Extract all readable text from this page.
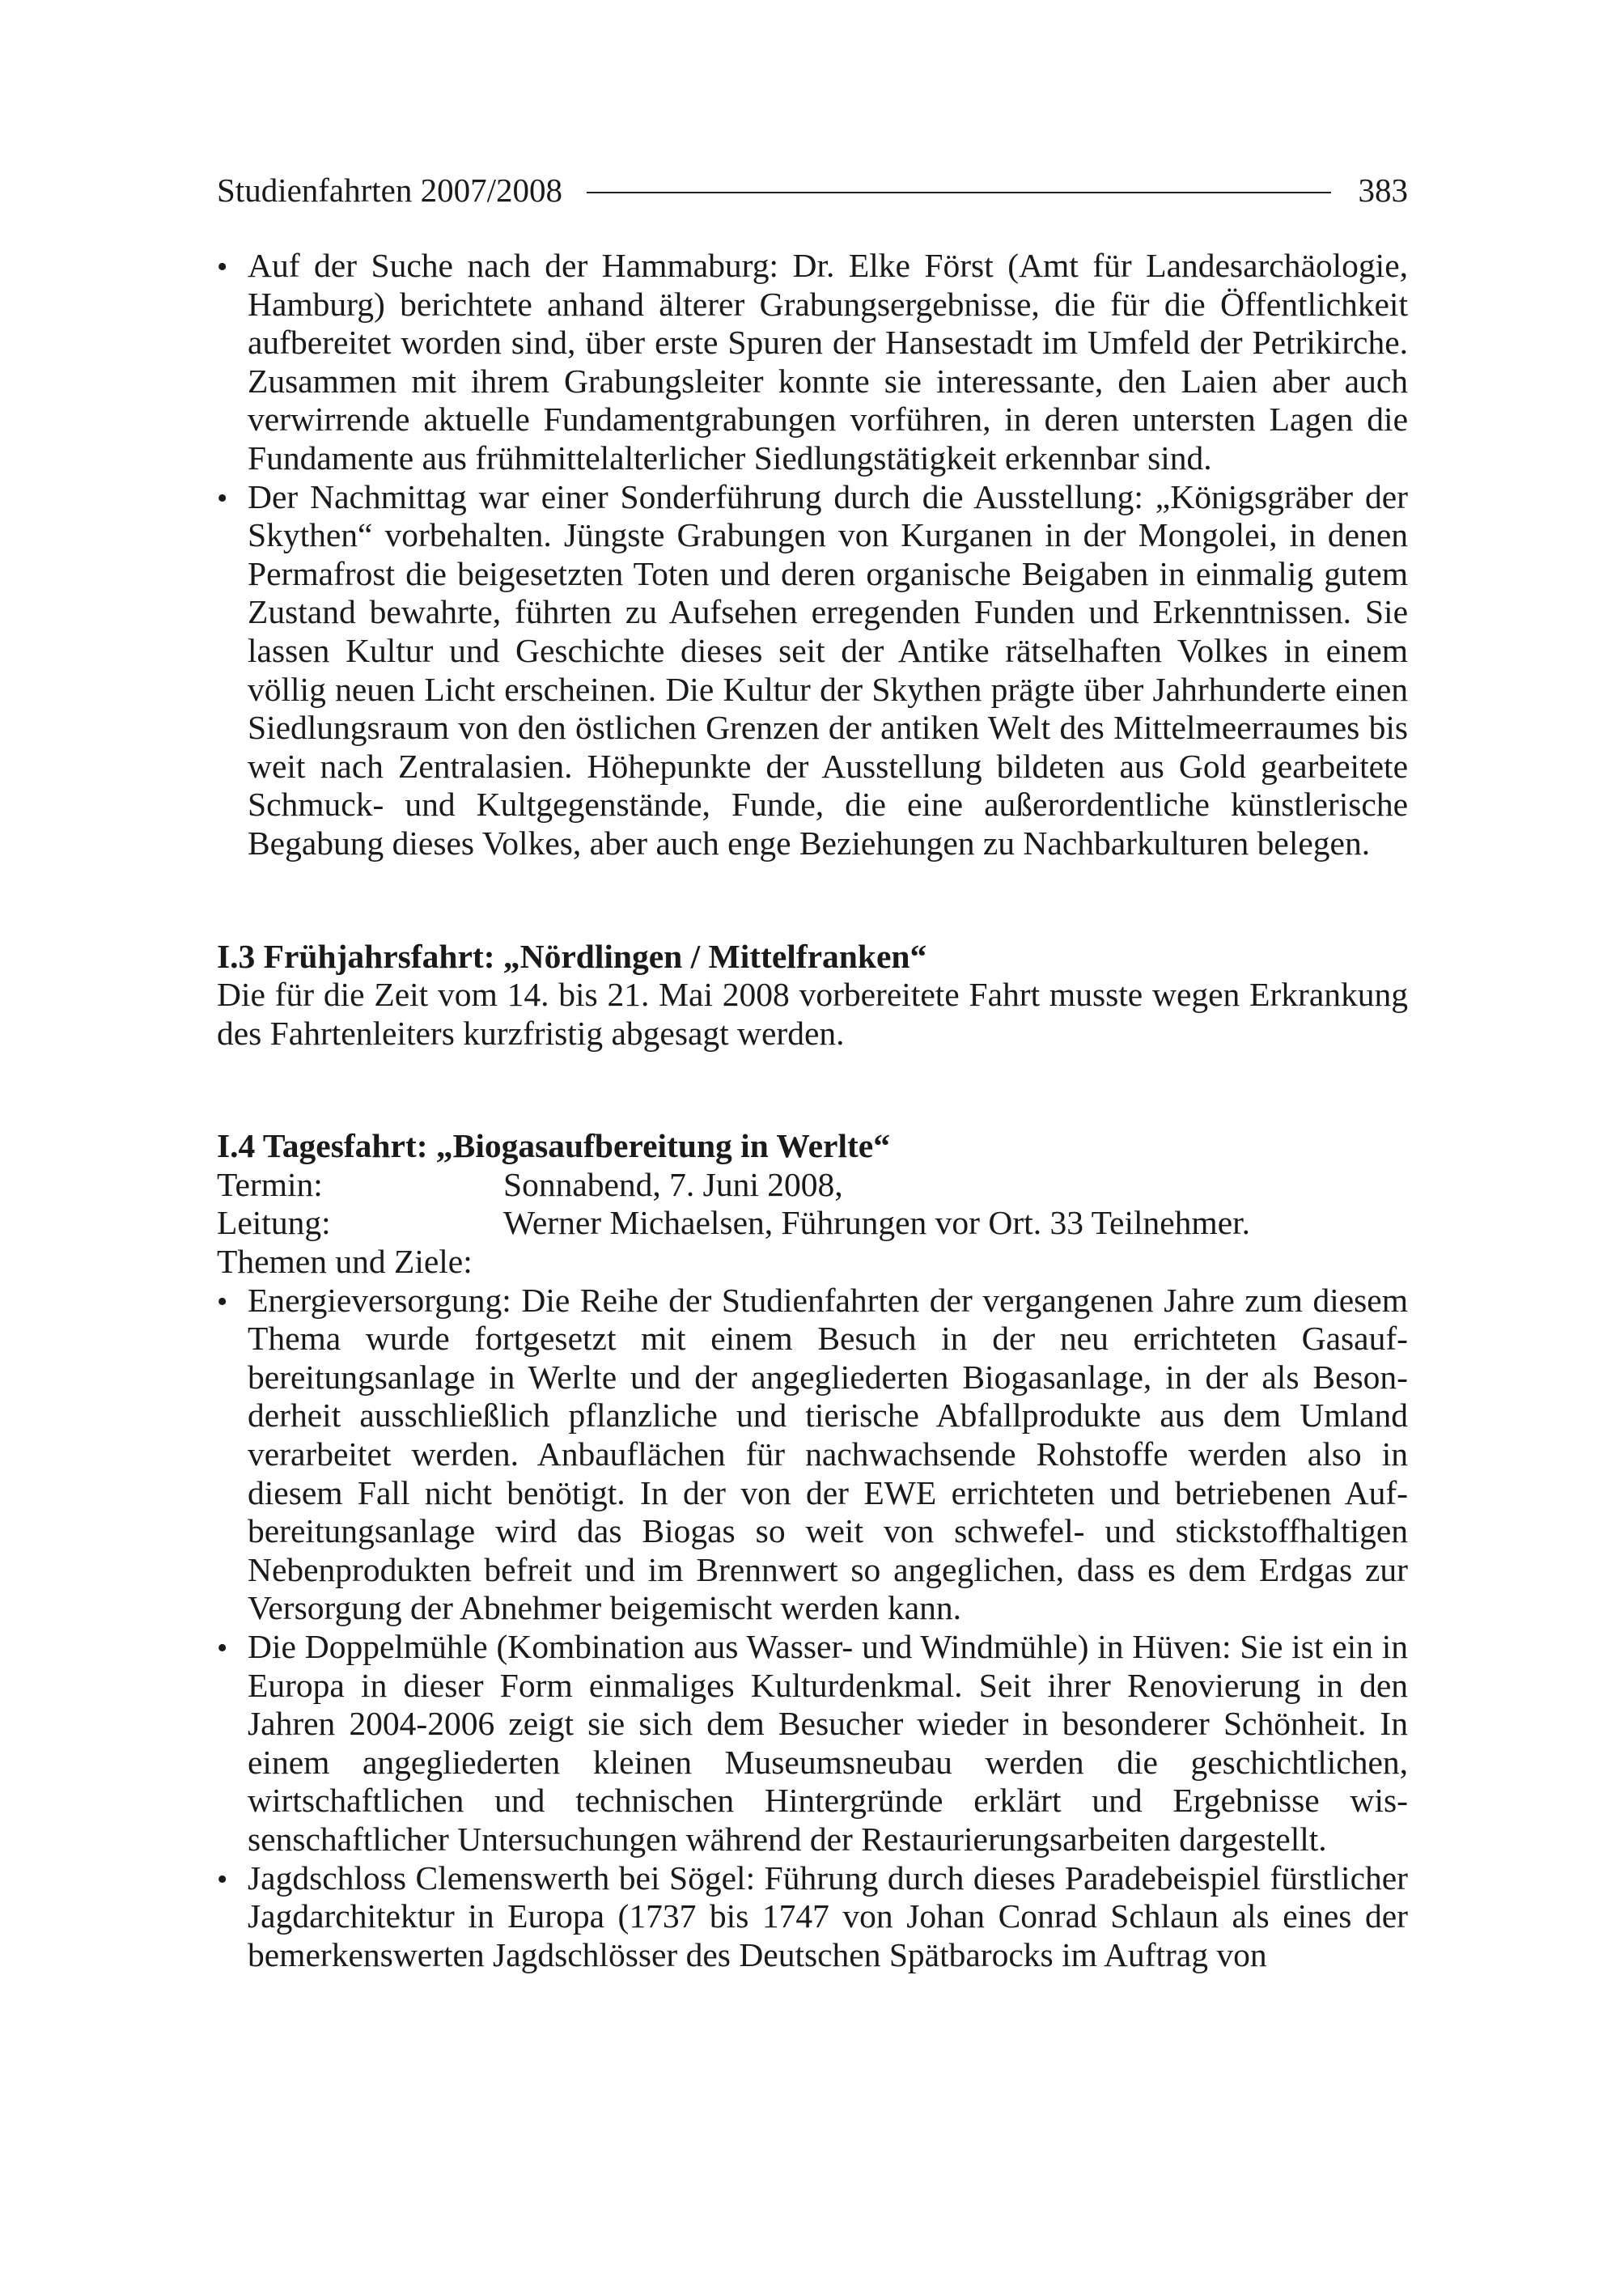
Studienfahrten 2007/2008	383
•
Auf der Suche nach der Hammaburg: Dr. Elke Först (Amt für Landesarchäologie, Hamburg) berichtete anhand älterer Grabungsergebnisse, die für die Öffentlichkeit aufbereitet worden sind, über erste Spuren der Hansestadt im Umfeld der Petrikirche. Zusammen mit ihrem Grabungsleiter konnte sie interessante, den Laien aber auch verwirrende aktuelle Fundamentgrabungen vorführen, in deren untersten Lagen die Fundamente aus frühmittelalterlicher Siedlungstätigkeit erkennbar sind.
•
Der Nachmittag war einer Sonderführung durch die Ausstellung: „Königsgräber der Skythen“ vorbehalten. Jüngste Grabungen von Kurganen in der Mongolei, in denen Permafrost die beigesetzten Toten und deren organische Beigaben in einmalig gutem Zustand bewahrte, führten zu Aufsehen erregenden Funden und Erkenntnissen. Sie lassen Kultur und Geschichte dieses seit der Antike rätselhaften Volkes in einem völlig neuen Licht erscheinen. Die Kultur der Skythen prägte über Jahrhunderte einen Siedlungsraum von den östlichen Grenzen der antiken Welt des Mittelmeerraumes bis weit nach Zentralasien. Höhepunkte der Ausstellung bildeten aus Gold gearbeitete Schmuck- und Kultgegenstände, Funde, die eine außerordentliche künstlerische Begabung dieses Volkes, aber auch enge Beziehungen zu Nachbarkulturen belegen.
I.3 Frühjahrsfahrt: „Nördlingen / Mittelfranken“

Die für die Zeit vom 14. bis 21. Mai 2008 vorbereitete Fahrt musste wegen Erkrankung des Fahrtenleiters kurzfristig abgesagt werden.

I.4 Tagesfahrt: „Biogasaufbereitung in Werlte“
Termin:	Sonnabend, 7. Juni 2008,
Leitung:	Werner Michaelsen, Führungen vor Ort. 33 Teilnehmer.
Themen und Ziele:
•
Energieversorgung: Die Reihe der Studienfahrten der vergangenen Jahre zum diesem Thema wurde fortgesetzt mit einem Besuch in der neu errichteten Gasaufbereitungsanlage in Werlte und der angegliederten Biogasanlage, in der als Besonderheit ausschließlich pflanzliche und tierische Abfallprodukte aus dem Umland verarbeitet werden. Anbauflächen für nachwachsende Rohstoffe werden also in diesem Fall nicht benötigt. In der von der EWE errichteten und betriebenen Aufbereitungsanlage wird das Biogas so weit von schwefel- und stickstoffhaltigen Nebenprodukten befreit und im Brennwert so angeglichen, dass es dem Erdgas zur Versorgung der Abnehmer beigemischt werden kann.
•
Die Doppelmühle (Kombination aus Wasser- und Windmühle) in Hüven: Sie ist ein in Europa in dieser Form einmaliges Kulturdenkmal. Seit ihrer Renovierung in den Jahren 2004-2006 zeigt sie sich dem Besucher wieder in besonderer Schönheit. In einem angegliederten kleinen Museumsneubau werden die geschichtlichen, wirtschaftlichen und technischen Hintergründe erklärt und Ergebnisse wissenschaftlicher Untersuchungen während der Restaurierungsarbeiten dargestellt.
•
Jagdschloss Clemenswerth bei Sögel: Führung durch dieses Paradebeispiel fürstlicher Jagdarchitektur in Europa (1737 bis 1747 von Johan Conrad Schlaun als eines der bemerkenswerten Jagdschlösser des Deutschen Spätbarocks im Auftrag von
